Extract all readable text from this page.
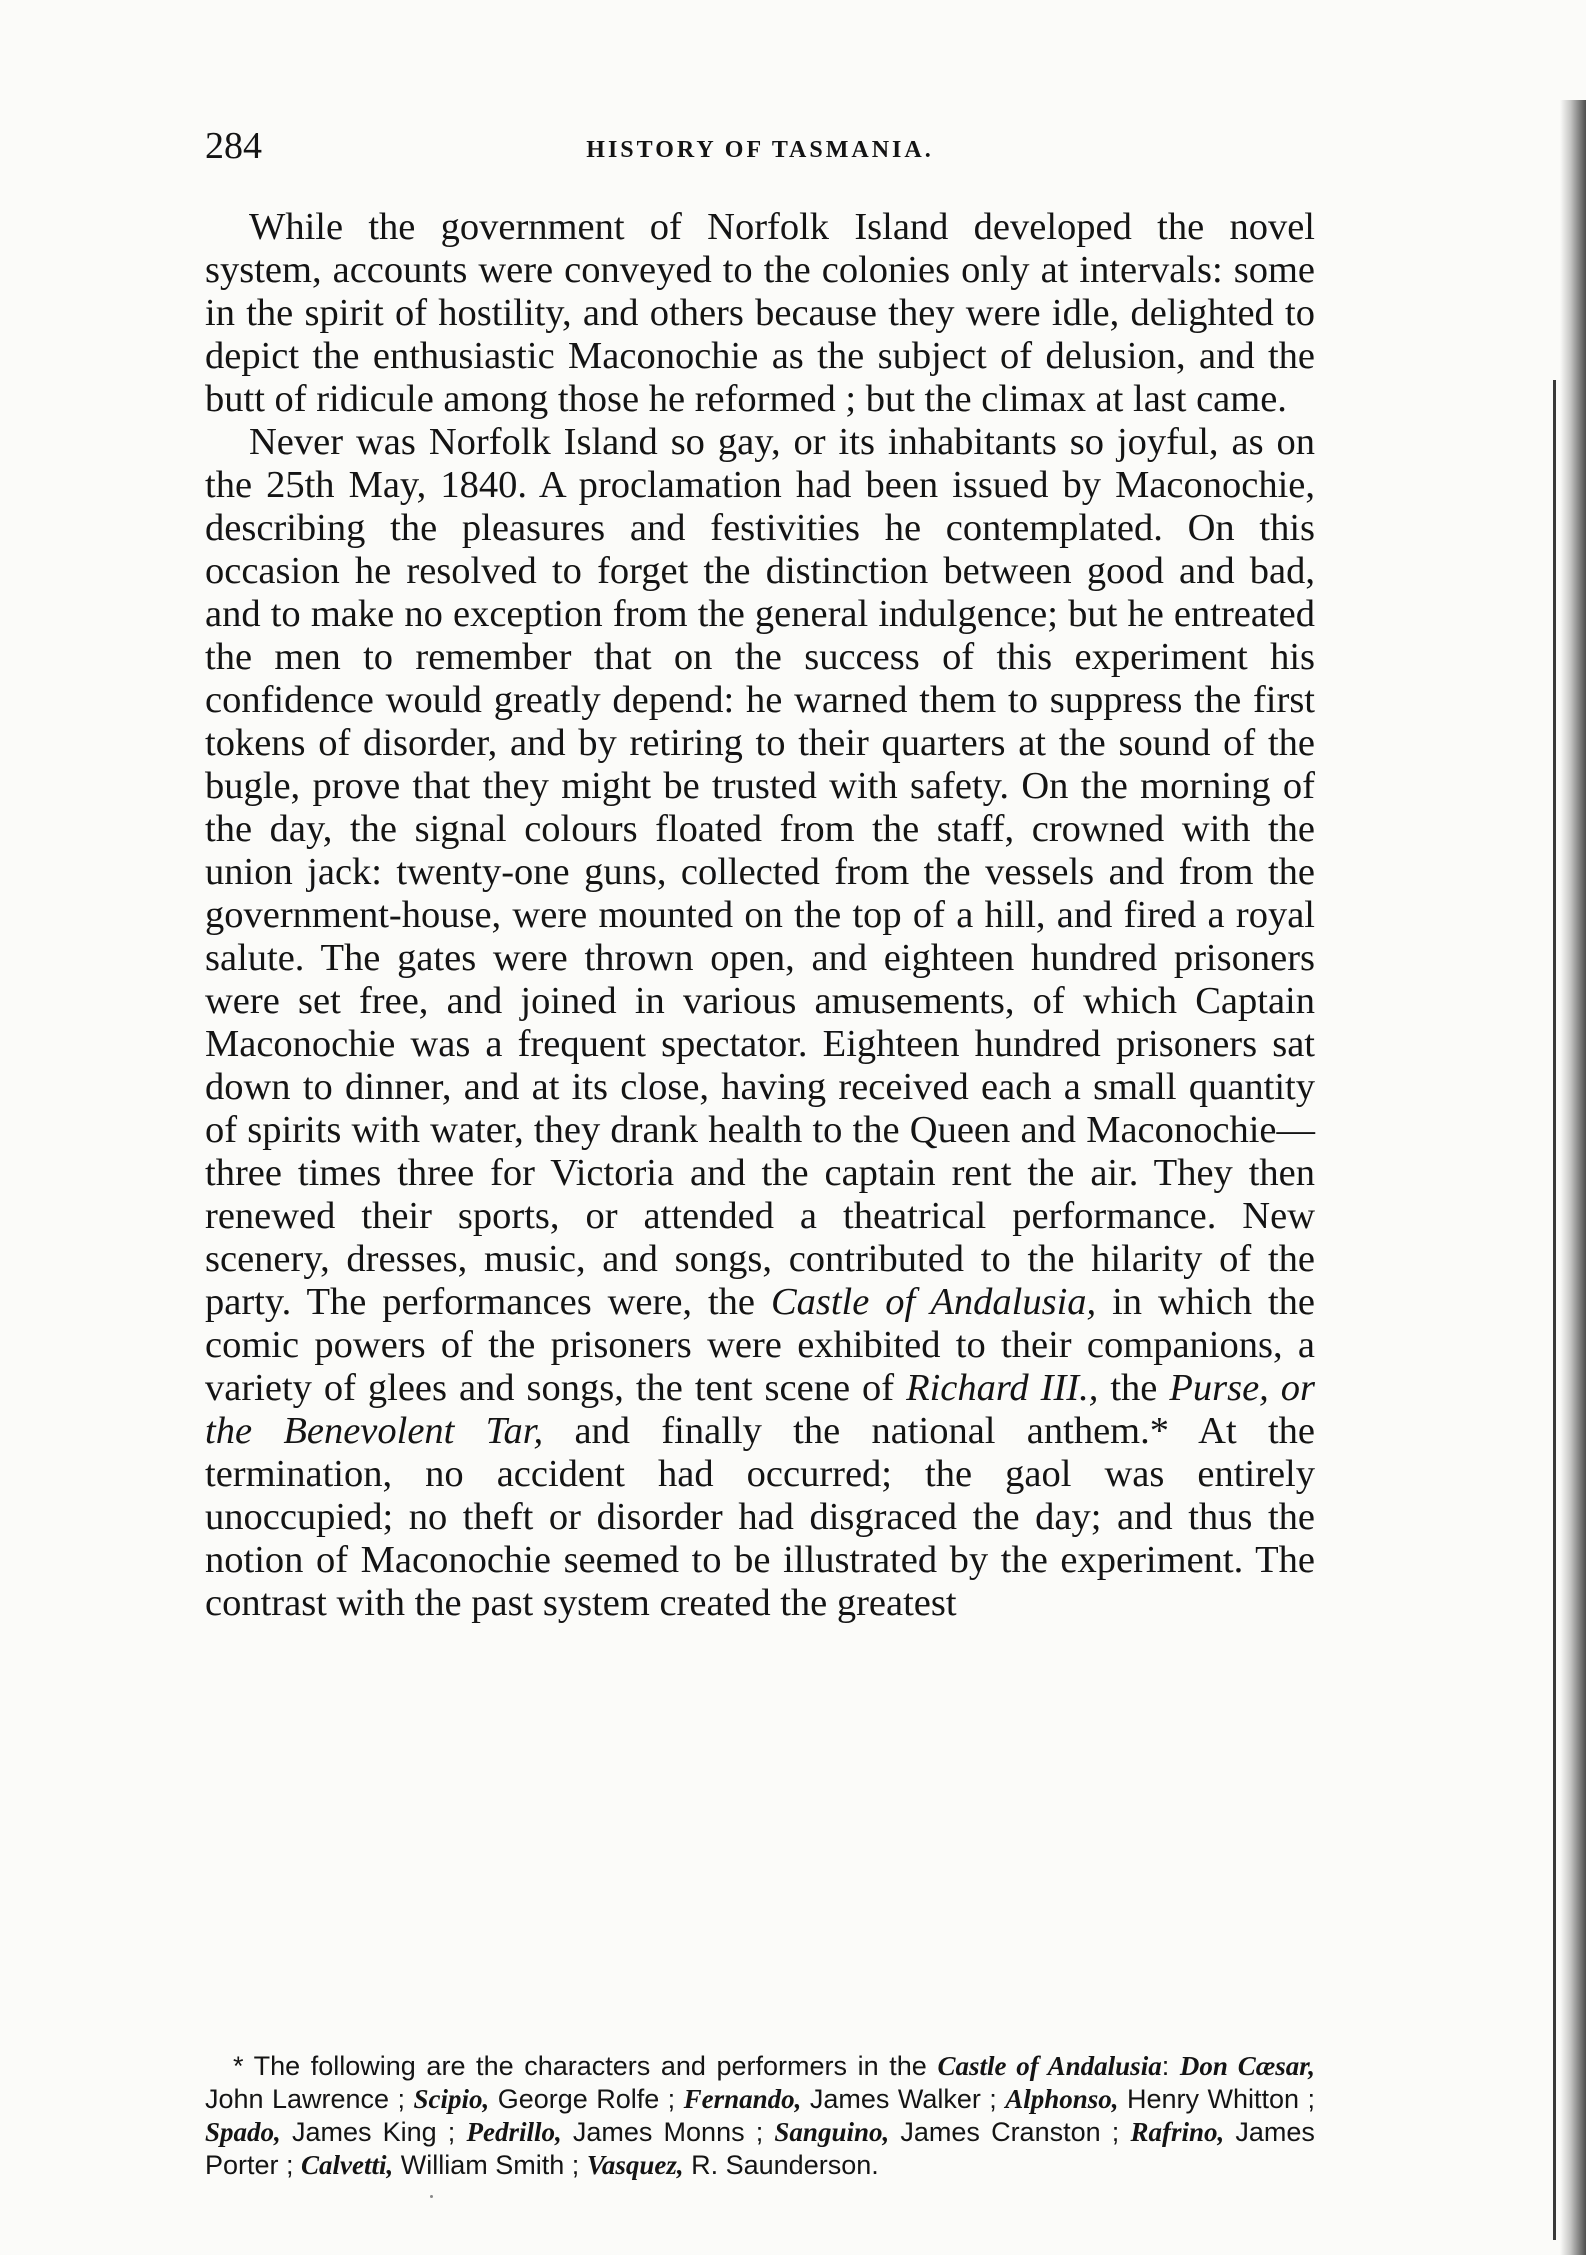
284	HISTORY OF TASMANIA.

While the government of Norfolk Island developed the novel system, accounts were conveyed to the colonies only at intervals: some in the spirit of hostility, and others because they were idle, delighted to depict the enthusiastic Maconochie as the subject of delusion, and the butt of ridicule among those he reformed ; but the climax at last came.

Never was Norfolk Island so gay, or its inhabitants so joyful, as on the 25th May, 1840. A proclamation had been issued by Maconochie, describing the pleasures and festivities he contemplated. On this occasion he resolved to forget the distinction between good and bad, and to make no exception from the general indulgence; but he entreated the men to remember that on the success of this experiment his confidence would greatly depend: he warned them to suppress the first tokens of disorder, and by retiring to their quarters at the sound of the bugle, prove that they might be trusted with safety. On the morning of the day, the signal colours floated from the staff, crowned with the union jack: twenty-one guns, collected from the vessels and from the government-house, were mounted on the top of a hill, and fired a royal salute. The gates were thrown open, and eighteen hundred prisoners were set free, and joined in various amusements, of which Captain Maconochie was a frequent spectator. Eighteen hundred prisoners sat down to dinner, and at its close, having received each a small quantity of spirits with water, they drank health to the Queen and Maconochie—three times three for Victoria and the captain rent the air. They then renewed their sports, or attended a theatrical performance. New scenery, dresses, music, and songs, contributed to the hilarity of the party. The performances were, the Castle of Andalusia, in which the comic powers of the prisoners were exhibited to their companions, a variety of glees and songs, the tent scene of Richard III., the Purse, or the Benevolent Tar, and finally the national anthem.* At the termination, no accident had occurred; the gaol was entirely unoccupied; no theft or disorder had disgraced the day; and thus the notion of Maconochie seemed to be illustrated by the experiment. The contrast with the past system created the greatest

* The following are the characters and performers in the Castle of Andalusia: Don Cæsar, John Lawrence ; Scipio, George Rolfe ; Fernando, James Walker ; Alphonso, Henry Whitton ; Spado, James King ; Pedrillo, James Monns ; Sanguino, James Cranston ; Rafrino, James Porter ; Calvetti, William Smith ; Vasquez, R. Saunderson.
